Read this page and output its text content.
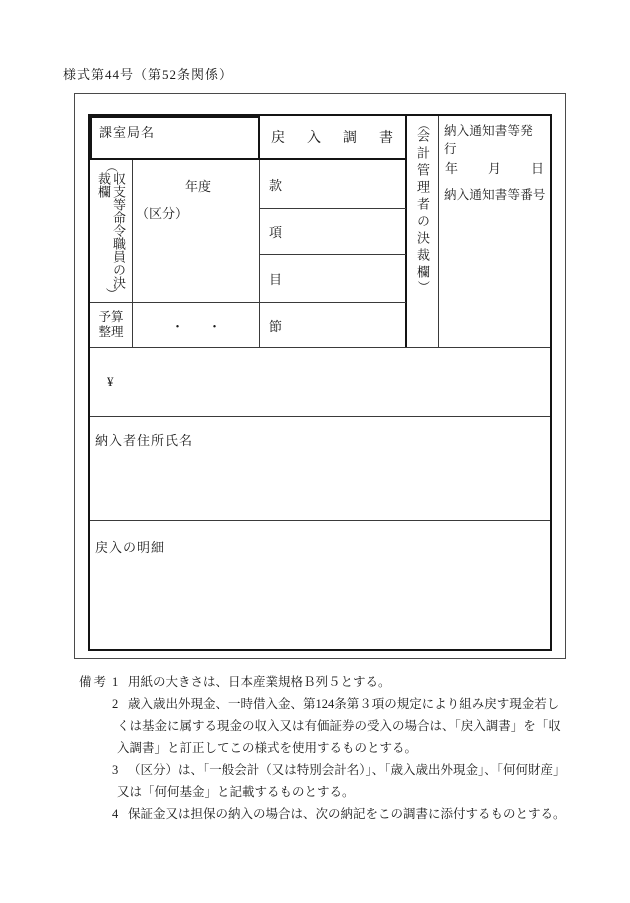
様式第44号（第52条関係）
課室局名	戻 入 調 書
（
会計管理者の決裁欄
）
納入通知書等発行
年 月 日
納入通知書等番号
（
裁欄 収支等命令職員の決
）
年度
（区分）
款
項
目
節
予算
整理	・ ・
¥
納入者住所氏名
戻入の明細
備考 1 用紙の大きさは、日本産業規格Ｂ列５とする。
2 歳入歳出外現金、一時借入金、第124条第３項の規定により組み戻す現金若し
くは基金に属する現金の収入又は有価証券の受入の場合は、「戻入調書」を「収
入調書」と訂正してこの様式を使用するものとする。
3 （区分）は、「一般会計（又は特別会計名）」、「歳入歳出外現金」、「何何財産」
又は「何何基金」と記載するものとする。
4 保証金又は担保の納入の場合は、次の納記をこの調書に添付するものとする。
